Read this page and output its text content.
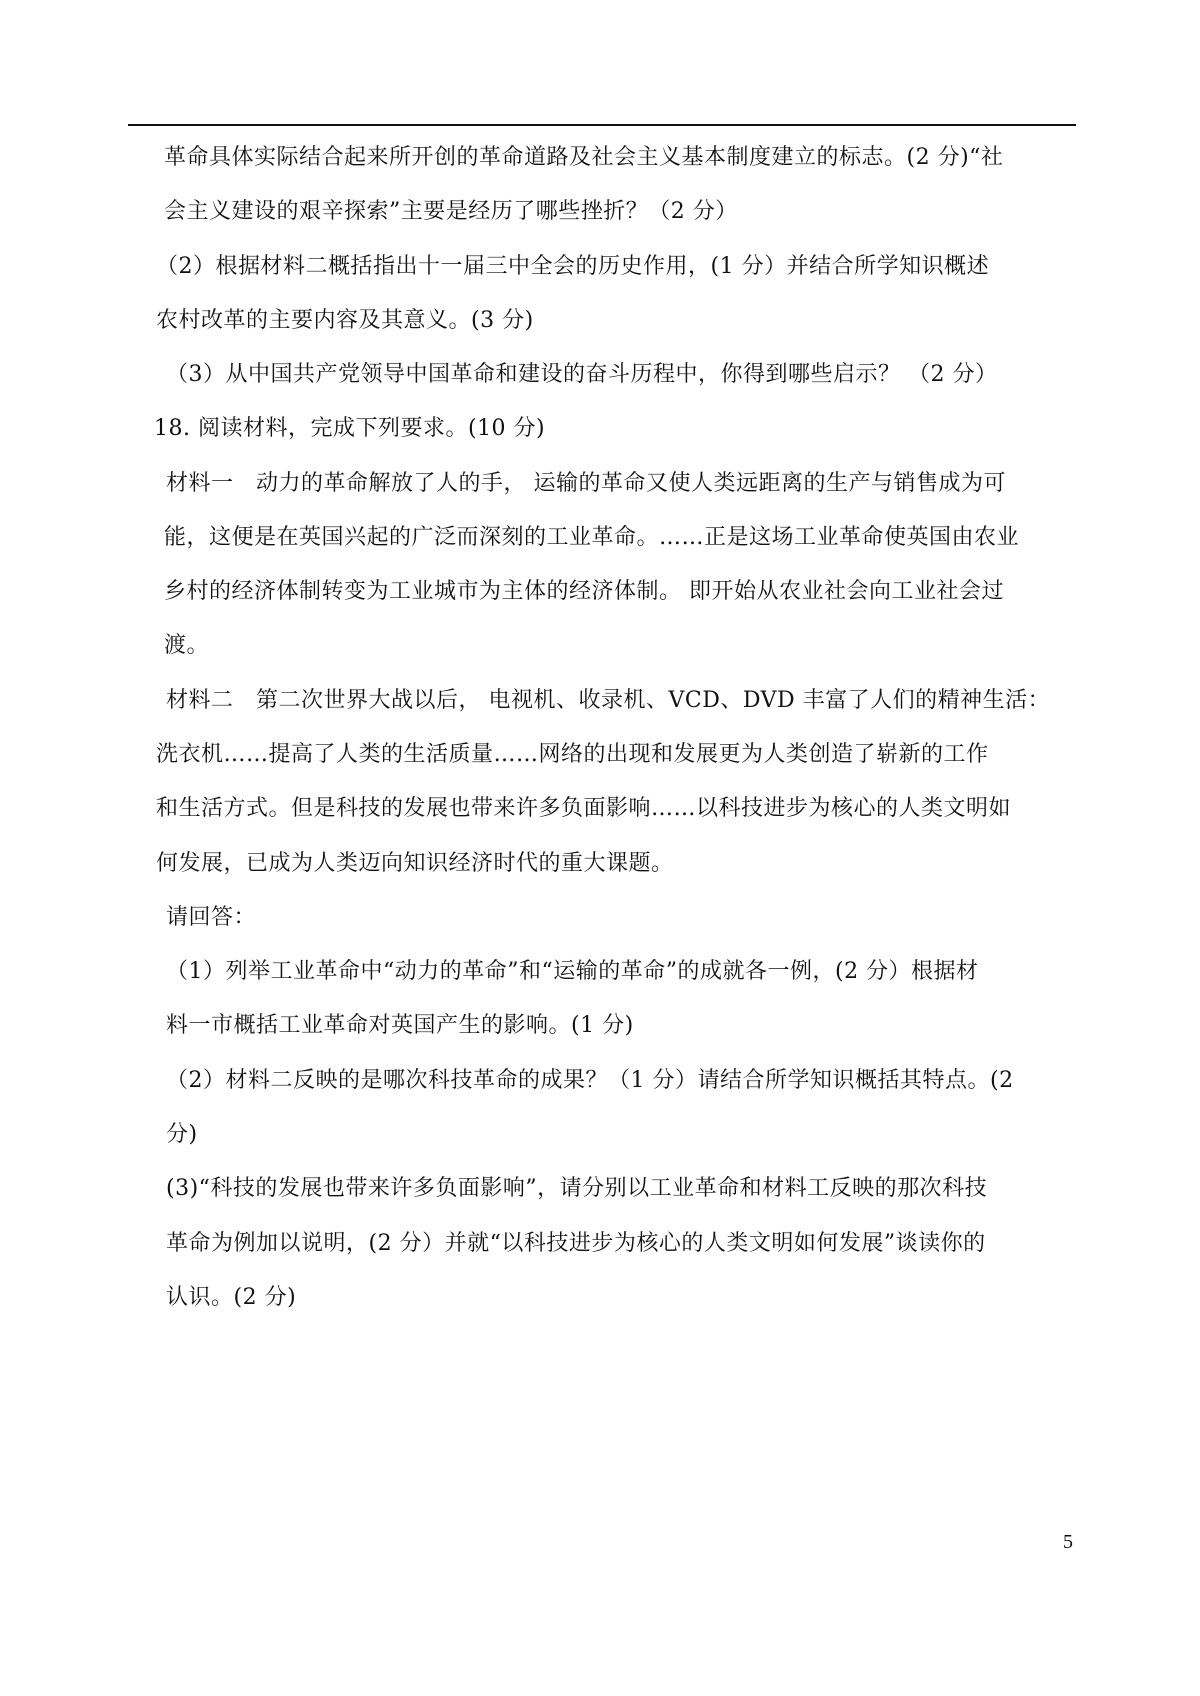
革命具体实际结合起来所开创的革命道路及社会主义基本制度建立的标志。(2 分)“社
会主义建设的艰辛探索”主要是经历了哪些挫折？（2 分）
（2）根据材料二概括指出十一届三中全会的历史作用，(1 分）并结合所学知识概述
农村改革的主要内容及其意义。(3 分)
（3）从中国共产党领导中国革命和建设的奋斗历程中，你得到哪些启示？ （2 分）
18. 阅读材料，完成下列要求。(10 分)
材料一　动力的革命解放了人的手， 运输的革命又使人类远距离的生产与销售成为可
能，这便是在英国兴起的广泛而深刻的工业革命。……正是这场工业革命使英国由农业
乡村的经济体制转变为工业城市为主体的经济体制。 即开始从农业社会向工业社会过
渡。
材料二　第二次世界大战以后， 电视机、收录机、VCD、DVD 丰富了人们的精神生活：
洗衣机……提高了人类的生活质量……网络的出现和发展更为人类创造了崭新的工作
和生活方式。但是科技的发展也带来许多负面影响……以科技进步为核心的人类文明如
何发展，已成为人类迈向知识经济时代的重大课题。
请回答：
（1）列举工业革命中“动力的革命”和“运输的革命”的成就各一例，(2 分）根据材
料一市概括工业革命对英国产生的影响。(1 分)
（2）材料二反映的是哪次科技革命的成果？（1 分）请结合所学知识概括其特点。(2
分)
(3)“科技的发展也带来许多负面影响”，请分别以工业革命和材料工反映的那次科技
革命为例加以说明，(2 分）并就“以科技进步为核心的人类文明如何发展”谈读你的
认识。(2 分)
5
